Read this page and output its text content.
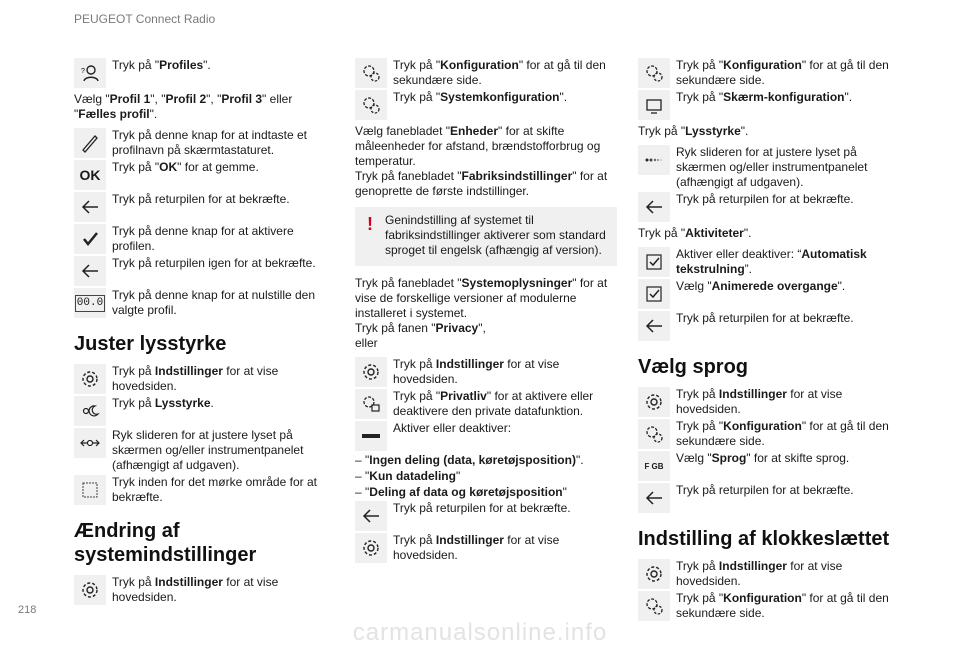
PEUGEOT Connect Radio
? Tryk på "Profiles".
Vælg "Profil 1", "Profil 2", "Profil 3" eller "Fælles profil".
Tryk på denne knap for at indtaste et profilnavn på skærmtastaturet.
OK Tryk på "OK" for at gemme.
Tryk på returpilen for at bekræfte.
Tryk på denne knap for at aktivere profilen.
Tryk på returpilen igen for at bekræfte.
00.0
Tryk på denne knap for at nulstille den valgte profil.
Juster lysstyrke
Tryk på Indstillinger for at vise hovedsiden.
Tryk på Lysstyrke.
Ryk slideren for at justere lyset på skærmen og/eller instrumentpanelet (afhængigt af udgaven).
Tryk inden for det mørke område for at bekræfte.
Ændring af systemindstillinger
Tryk på Indstillinger for at vise hovedsiden.
Tryk på "Konfiguration" for at gå til den sekundære side.
Tryk på "Systemkonfiguration".
Vælg fanebladet "Enheder" for at skifte måleenheder for afstand, brændstofforbrug og temperatur.
Tryk på fanebladet "Fabriksindstillinger" for at genoprette de første indstillinger.
!	Genindstilling af systemet til fabriksindstillinger aktiverer som standard sproget til engelsk (afhængig af version).
Tryk på fanebladet "Systemoplysninger" for at vise de forskellige versioner af modulerne installeret i systemet.
Tryk på fanen "Privacy",
eller
Tryk på Indstillinger for at vise hovedsiden.
Tryk på "Privatliv" for at aktivere eller deaktivere den private datafunktion.
Aktiver eller deaktiver:
– "Ingen deling (data, køretøjsposition)".
– "Kun datadeling"
– "Deling af data og køretøjsposition"
Tryk på returpilen for at bekræfte.
Tryk på Indstillinger for at vise hovedsiden.
Tryk på "Konfiguration" for at gå til den sekundære side.
Tryk på "Skærm-konfiguration".
Tryk på "Lysstyrke".
Ryk slideren for at justere lyset på skærmen og/eller instrumentpanelet (afhængigt af udgaven).
Tryk på returpilen for at bekræfte.
Tryk på "Aktiviteter".
Aktiver eller deaktiver: “Automatisk tekstrulning”.
Vælg "Animerede overgange".
Tryk på returpilen for at bekræfte.
Vælg sprog
Tryk på Indstillinger for at vise hovedsiden.
Tryk på "Konfiguration" for at gå til den sekundære side.
F GB
Vælg "Sprog" for at skifte sprog.
Tryk på returpilen for at bekræfte.
Indstilling af klokkeslættet
Tryk på Indstillinger for at vise hovedsiden.
Tryk på "Konfiguration" for at gå til den sekundære side.
218
carmanualsonline.info
